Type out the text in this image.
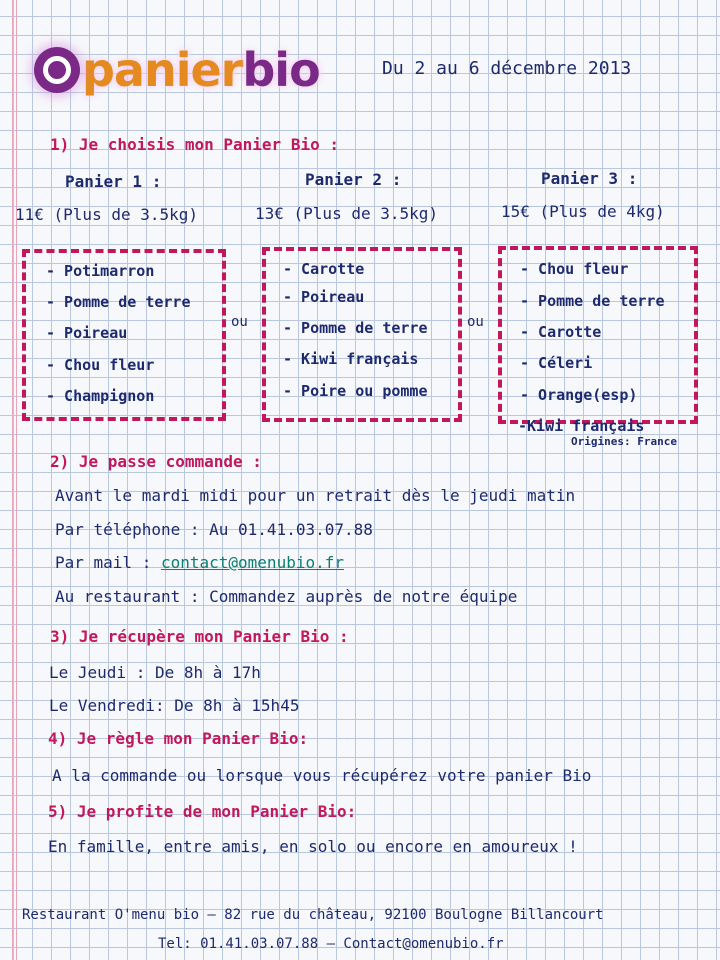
panier bio	Du 2 au 6 décembre 2013
1) Je choisis mon Panier Bio :
Panier 1 :
11€ (Plus de 3.5kg)
Panier 2 :
13€ (Plus de 3.5kg)
Panier 3 :
15€ (Plus de 4kg)
- Potimarron
- Pomme de terre
- Poireau
- Chou fleur
- Champignon
ou
- Carotte
- Poireau
- Pomme de terre
- Kiwi français
- Poire ou pomme
ou
- Chou fleur
- Pomme de terre
- Carotte
- Céleri
- Orange(esp)
-Kiwi français
Origines: France
2) Je passe commande :
Avant le mardi midi pour un retrait dès le jeudi matin
Par téléphone : Au 01.41.03.07.88
Par mail : contact@omenubio.fr
Au restaurant : Commandez auprès de notre équipe
3) Je récupère mon Panier Bio :
Le Jeudi : De 8h à 17h
Le Vendredi: De 8h à 15h45
4) Je règle mon Panier Bio:
A la commande ou lorsque vous récupérez votre panier Bio
5) Je profite de mon Panier Bio:
En famille, entre amis, en solo ou encore en amoureux !
Restaurant O'menu bio — 82 rue du château, 92100 Boulogne Billancourt
Tel: 01.41.03.07.88 — Contact@omenubio.fr
